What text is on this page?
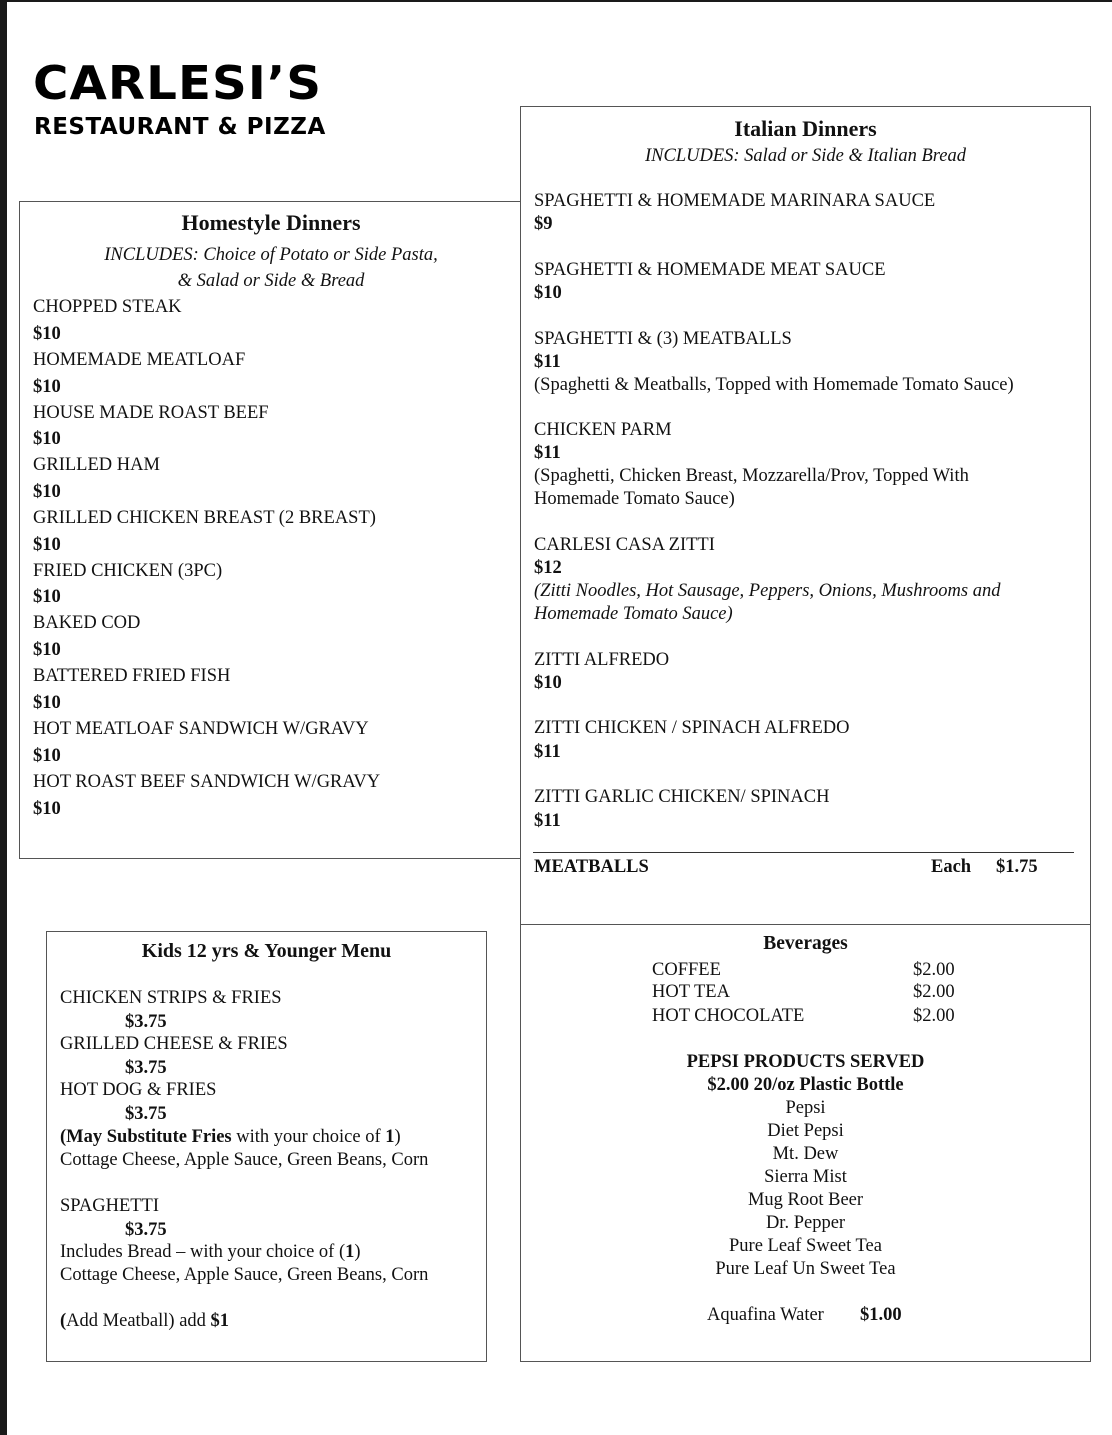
CARLESI’S
RESTAURANT & PIZZA
Homestyle Dinners
INCLUDES: Choice of Potato or Side Pasta,
& Salad or Side & Bread
CHOPPED STEAK
$10
HOMEMADE MEATLOAF
$10
HOUSE MADE ROAST BEEF
$10
GRILLED HAM
$10
GRILLED CHICKEN BREAST (2 BREAST)
$10
FRIED CHICKEN (3PC)
$10
BAKED COD
$10
BATTERED FRIED FISH
$10
HOT MEATLOAF SANDWICH W/GRAVY
$10
HOT ROAST BEEF SANDWICH W/GRAVY
$10
Italian Dinners
INCLUDES: Salad or Side & Italian Bread
SPAGHETTI & HOMEMADE MARINARA SAUCE
$9
SPAGHETTI & HOMEMADE MEAT SAUCE
$10
SPAGHETTI & (3) MEATBALLS
$11
(Spaghetti & Meatballs, Topped with Homemade Tomato Sauce)
CHICKEN PARM
$11
(Spaghetti, Chicken Breast, Mozzarella/Prov, Topped With
Homemade Tomato Sauce)
CARLESI CASA ZITTI
$12
(Zitti Noodles, Hot Sausage, Peppers, Onions, Mushrooms and
Homemade Tomato Sauce)
ZITTI ALFREDO
$10
ZITTI CHICKEN / SPINACH ALFREDO
$11
ZITTI GARLIC CHICKEN/ SPINACH
$11
MEATBALLS	Each $1.75
Kids 12 yrs & Younger Menu
CHICKEN STRIPS & FRIES
$3.75
GRILLED CHEESE & FRIES
$3.75
HOT DOG & FRIES
$3.75
(May Substitute Fries with your choice of 1)
Cottage Cheese, Apple Sauce, Green Beans, Corn
SPAGHETTI
$3.75
Includes Bread – with your choice of (1)
Cottage Cheese, Apple Sauce, Green Beans, Corn
(Add Meatball) add $1
Beverages
COFFEE	$2.00
HOT TEA	$2.00
HOT CHOCOLATE	$2.00
PEPSI PRODUCTS SERVED
$2.00 20/oz Plastic Bottle
Pepsi
Diet Pepsi
Mt. Dew
Sierra Mist
Mug Root Beer
Dr. Pepper
Pure Leaf Sweet Tea
Pure Leaf Un Sweet Tea
Aquafina Water $1.00
